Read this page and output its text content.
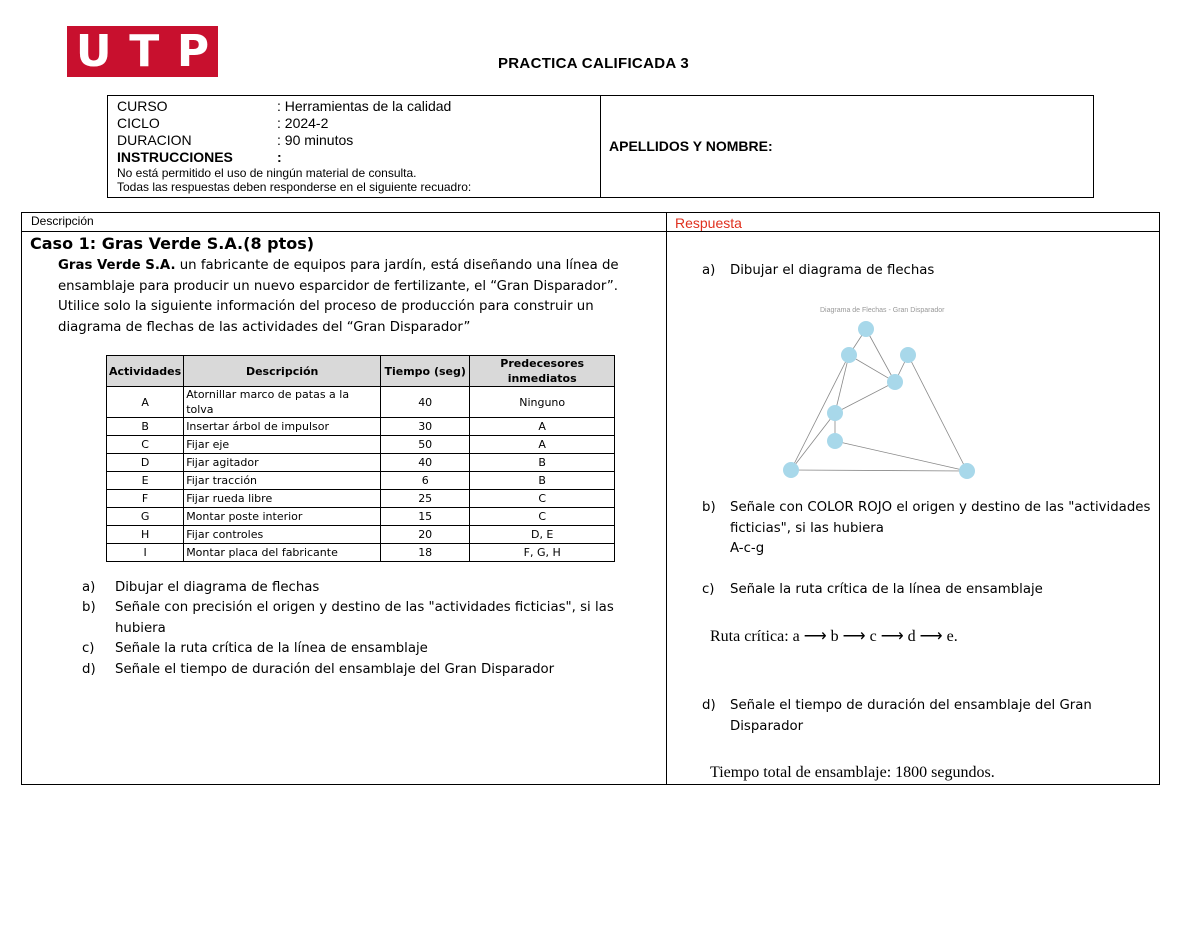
U T P	PRACTICA CALIFICADA 3
CURSO	: Herramientas de la calidad
CICLO	: 2024-2
DURACION	: 90 minutos
INSTRUCCIONES	:
No está permitido el uso de ningún material de consulta.
Todas las respuestas deben responderse en el siguiente recuadro:
APELLIDOS Y NOMBRE:
Descripción	Respuesta
Caso 1: Gras Verde S.A.(8 ptos)
Gras Verde S.A. un fabricante de equipos para jardín, está diseñando una línea de ensamblaje para producir un nuevo esparcidor de fertilizante, el “Gran Disparador”. Utilice solo la siguiente información del proceso de producción para construir un diagrama de flechas de las actividades del “Gran Disparador”
Actividades	Descripción	Tiempo (seg)	Predecesores inmediatos
A	Atornillar marco de patas a la tolva	40	Ninguno
B	Insertar árbol de impulsor	30	A
C	Fijar eje	50	A
D	Fijar agitador	40	B
E	Fijar tracción	6	B
F	Fijar rueda libre	25	C
G	Montar poste interior	15	C
H	Fijar controles	20	D, E
I	Montar placa del fabricante	18	F, G, H
a) Dibujar el diagrama de flechas
b) Señale con precisión el origen y destino de las "actividades ficticias", si las hubiera
c) Señale la ruta crítica de la línea de ensamblaje
d) Señale el tiempo de duración del ensamblaje del Gran Disparador
a) Dibujar el diagrama de flechas
b) Señale con COLOR ROJO el origen y destino de las "actividades ficticias", si las hubiera
A-c-g
c) Señale la ruta crítica de la línea de ensamblaje
Ruta crítica: a ⟶ b ⟶ c ⟶ d ⟶ e.
d) Señale el tiempo de duración del ensamblaje del Gran Disparador
Tiempo total de ensamblaje: 1800 segundos.
Diagrama de Flechas - Gran Disparador
